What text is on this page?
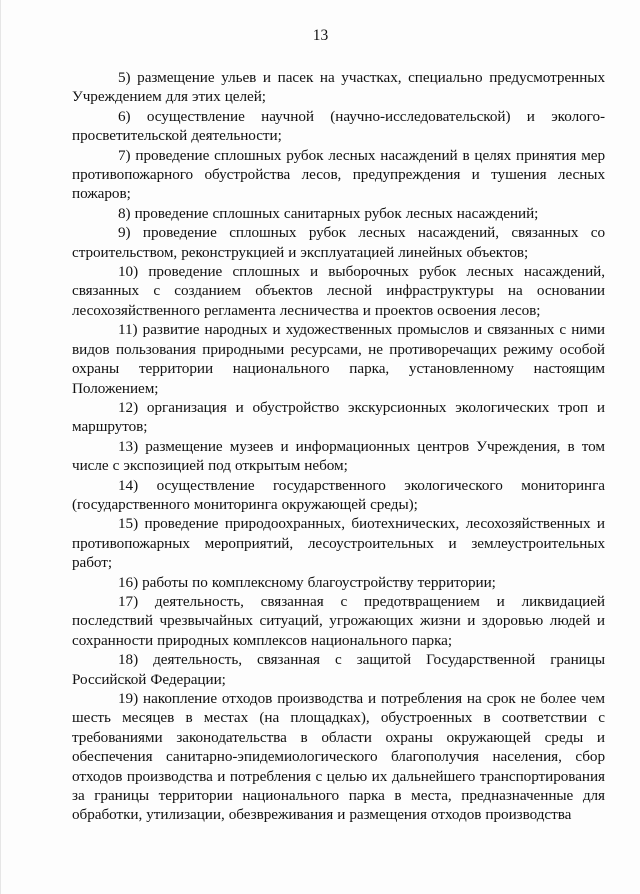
13

5) размещение ульев и пасек на участках, специально предусмотренных Учреждением для этих целей;

6) осуществление научной (научно-исследовательской) и эколого-просветительской деятельности;

7) проведение сплошных рубок лесных насаждений в целях принятия мер противопожарного обустройства лесов, предупреждения и тушения лесных пожаров;

8) проведение сплошных санитарных рубок лесных насаждений;

9) проведение сплошных рубок лесных насаждений, связанных со строительством, реконструкцией и эксплуатацией линейных объектов;

10) проведение сплошных и выборочных рубок лесных насаждений, связанных с созданием объектов лесной инфраструктуры на основании лесохозяйственного регламента лесничества и проектов освоения лесов;

11) развитие народных и художественных промыслов и связанных с ними видов пользования природными ресурсами, не противоречащих режиму особой охраны территории национального парка, установленному настоящим Положением;

12) организация и обустройство экскурсионных экологических троп и маршрутов;

13) размещение музеев и информационных центров Учреждения, в том числе с экспозицией под открытым небом;

14) осуществление государственного экологического мониторинга (государственного мониторинга окружающей среды);

15) проведение природоохранных, биотехнических, лесохозяйственных и противопожарных мероприятий, лесоустроительных и землеустроительных работ;

16) работы по комплексному благоустройству территории;

17) деятельность, связанная с предотвращением и ликвидацией последствий чрезвычайных ситуаций, угрожающих жизни и здоровью людей и сохранности природных комплексов национального парка;

18) деятельность, связанная с защитой Государственной границы Российской Федерации;

19) накопление отходов производства и потребления на срок не более чем шесть месяцев в местах (на площадках), обустроенных в соответствии с требованиями законодательства в области охраны окружающей среды и обеспечения санитарно-эпидемиологического благополучия населения, сбор отходов производства и потребления с целью их дальнейшего транспортирования за границы территории национального парка в места, предназначенные для обработки, утилизации, обезвреживания и размещения отходов производства
